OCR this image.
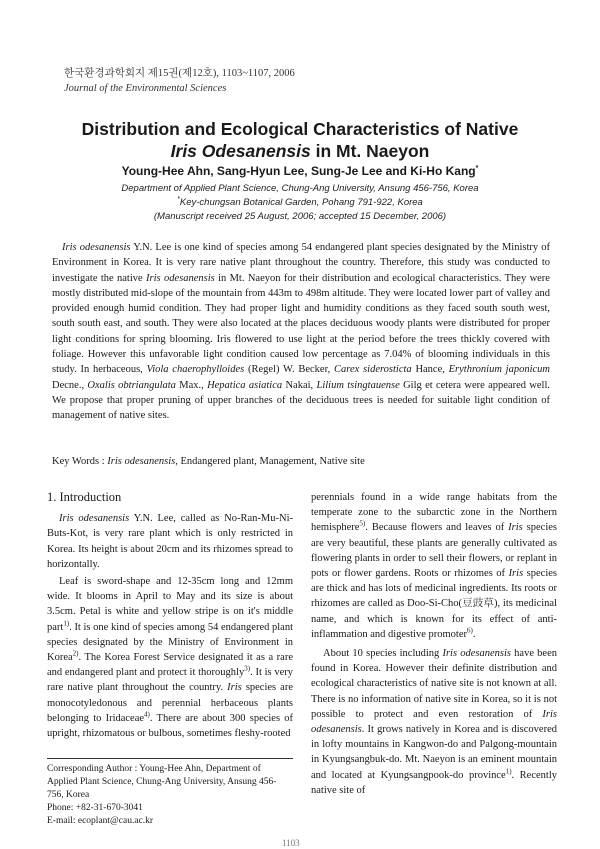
한국환경과학회지 제15권(제12호), 1103~1107, 2006
Journal of the Environmental Sciences
Distribution and Ecological Characteristics of Native
Iris Odesanensis in Mt. Naeyon
Young-Hee Ahn, Sang-Hyun Lee, Sung-Je Lee and Ki-Ho Kang*
Department of Applied Plant Science, Chung-Ang University, Ansung 456-756, Korea
*Key-chungsan Botanical Garden, Pohang 791-922, Korea
(Manuscript received 25 August, 2006; accepted 15 December, 2006)

Iris odesanensis Y.N. Lee is one kind of species among 54 endangered plant species designated by the Ministry of Environment in Korea. It is very rare native plant throughout the country. Therefore, this study was conducted to investigate the native Iris odesanensis in Mt. Naeyon for their distribution and ecological characteristics. They were mostly distributed mid-slope of the mountain from 443m to 498m altitude. They were located lower part of valley and provided enough humid condition. They had proper light and humidity conditions as they faced south south west, south south east, and south. They were also located at the places deciduous woody plants were distributed for proper light conditions for spring blooming. Iris flowered to use light at the period before the trees thickly covered with foliage. However this unfavorable light condition caused low percentage as 7.04% of blooming individuals in this study. In herbaceous, Viola chaerophylloides (Regel) W. Becker, Carex siderosticta Hance, Erythronium japonicum Decne., Oxalis obtriangulata Max., Hepatica asiatica Nakai, Lilium tsingtauense Gilg et cetera were appeared well. We propose that proper pruning of upper branches of the deciduous trees is needed for suitable light condition of management of native sites.

Key Words : Iris odesanensis, Endangered plant, Management, Native site
1. Introduction

Iris odesanensis Y.N. Lee, called as No-Ran-Mu-Ni-Buts-Kot, is very rare plant which is only restricted in Korea. Its height is about 20cm and its rhizomes spread to horizontally.

Leaf is sword-shape and 12-35cm long and 12mm wide. It blooms in April to May and its size is about 3.5cm. Petal is white and yellow stripe is on it's middle part$^{1)}$. It is one kind of species among 54 endangered plant species designated by the Ministry of Environment in Korea$^{2)}$. The Korea Forest Service designated it as a rare and endangered plant and protect it thoroughly$^{3)}$. It is very rare native plant throughout the country. Iris species are monocotyledonous and perennial herbaceous plants belonging to Iridaceae$^{4)}$. There are about 300 species of upright, rhizomatous or bulbous, sometimes fleshy-rooted

perennials found in a wide range habitats from the temperate zone to the subarctic zone in the Northern hemisphere$^{5)}$. Because flowers and leaves of Iris species are very beautiful, these plants are generally cultivated as flowering plants in order to sell their flowers, or replant in pots or flower gardens. Roots or rhizomes of Iris species are thick and has lots of medicinal ingredients. Its roots or rhizomes are called as Doo-Si-Cho(豆豉草), its medicinal name, and which is known for its effect of anti-inflammation and digestive promoter$^{6)}$.

About 10 species including Iris odesanensis have been found in Korea. However their definite distribution and ecological characteristics of native site is not known at all. There is no information of native site in Korea, so it is not possible to protect and even restoration of Iris odesanensis. It grows natively in Korea and is discovered in lofty mountains in Kangwon-do and Palgong-mountain in Kyungsangbuk-do. Mt. Naeyon is an eminent mountain and located at Kyungsangpook-do province$^{1)}$. Recently native site of

Corresponding Author : Young-Hee Ahn, Department of Applied Plant Science, Chung-Ang University, Ansung 456-756, Korea
Phone: +82-31-670-3041
E-mail: ecoplant@cau.ac.kr
1103
